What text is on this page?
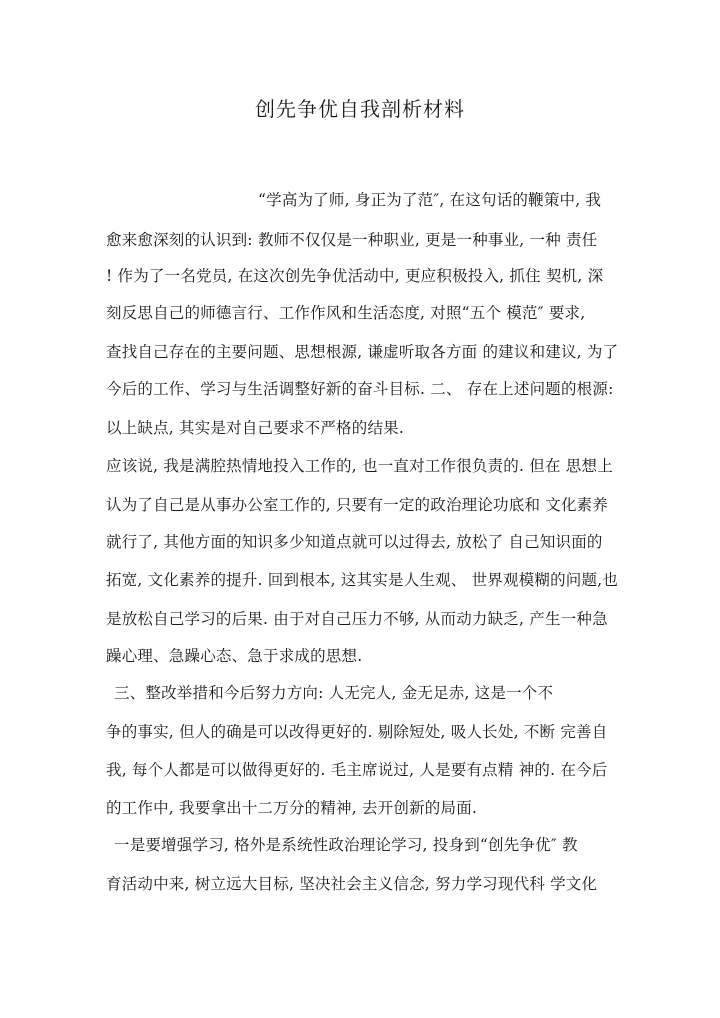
创先争优自我剖析材料
“学高为了师, 身正为了范″, 在这句话的鞭策中, 我
愈来愈深刻的认识到: 教师不仅仅是一种职业, 更是一种事业, 一种 责任
! 作为了一名党员, 在这次创先争优活动中, 更应积极投入, 抓住 契机, 深
刻反思自己的师德言行、工作作风和生活态度, 对照“五个 模范″ 要求,
查找自己存在的主要问题、思想根源, 谦虚听取各方面 的建议和建议, 为了
今后的工作、学习与生活调整好新的奋斗目标. 二、 存在上述问题的根源:
以上缺点, 其实是对自己要求不严格的结果.
应该说, 我是满腔热情地投入工作的, 也一直对工作很负责的. 但在 思想上
认为了自己是从事办公室工作的, 只要有一定的政治理论功底和 文化素养
就行了, 其他方面的知识多少知道点就可以过得去, 放松了 自己知识面的
拓宽, 文化素养的提升. 回到根本, 这其实是人生观、 世界观模糊的问题,也
是放松自己学习的后果. 由于对自己压力不够, 从而动力缺乏, 产生一种急
躁心理、急躁心态、急于求成的思想.
三、整改举措和今后努力方向: 人无完人, 金无足赤, 这是一个不
争的事实, 但人的确是可以改得更好的. 剔除短处, 吸人长处, 不断 完善自
我, 每个人都是可以做得更好的. 毛主席说过, 人是要有点精 神的. 在今后
的工作中, 我要拿出十二万分的精神, 去开创新的局面.
一是要增强学习, 格外是系统性政治理论学习, 投身到“创先争优″ 教
育活动中来, 树立远大目标, 坚决社会主义信念, 努力学习现代科 学文化
